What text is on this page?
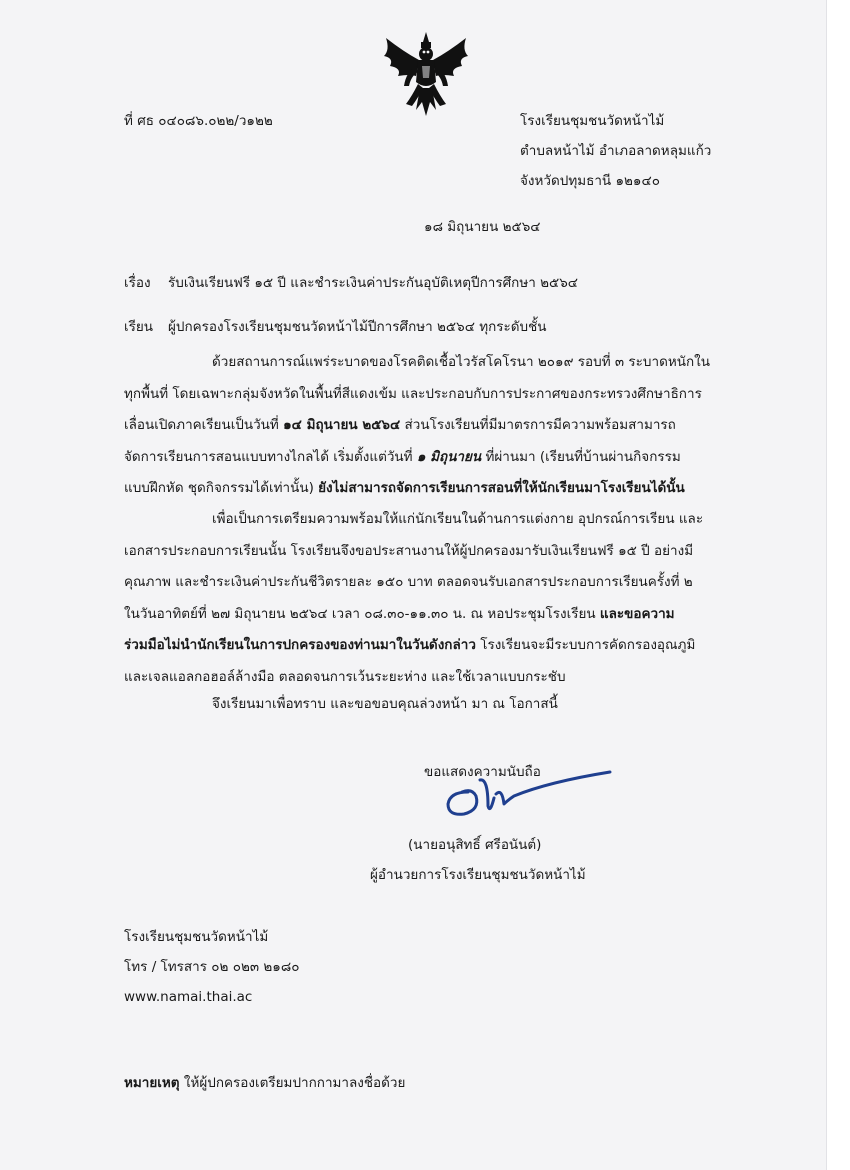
ที่ ศธ ๐๔๐๘๖.๐๒๒/ว๑๒๒	โรงเรียนชุมชนวัดหน้าไม้
ตำบลหน้าไม้ อำเภอลาดหลุมแก้ว
จังหวัดปทุมธานี ๑๒๑๔๐
๑๘ มิถุนายน ๒๕๖๔
เรื่อง รับเงินเรียนฟรี ๑๕ ปี และชำระเงินค่าประกันอุบัติเหตุปีการศึกษา ๒๕๖๔
เรียน ผู้ปกครองโรงเรียนชุมชนวัดหน้าไม้ปีการศึกษา ๒๕๖๔ ทุกระดับชั้น
ด้วยสถานการณ์แพร่ระบาดของโรคติดเชื้อไวรัสโคโรนา ๒๐๑๙ รอบที่ ๓ ระบาดหนักใน
ทุกพื้นที่ โดยเฉพาะกลุ่มจังหวัดในพื้นที่สีแดงเข้ม และประกอบกับการประกาศของกระทรวงศึกษาธิการ
เลื่อนเปิดภาคเรียนเป็นวันที่ ๑๔ มิถุนายน ๒๕๖๔ ส่วนโรงเรียนที่มีมาตรการมีความพร้อมสามารถ
จัดการเรียนการสอนแบบทางไกลได้ เริ่มตั้งแต่วันที่ ๑ มิถุนายน ที่ผ่านมา (เรียนที่บ้านผ่านกิจกรรม
แบบฝึกหัด ชุดกิจกรรมได้เท่านั้น) ยังไม่สามารถจัดการเรียนการสอนที่ให้นักเรียนมาโรงเรียนได้นั้น
เพื่อเป็นการเตรียมความพร้อมให้แก่นักเรียนในด้านการแต่งกาย อุปกรณ์การเรียน และ
เอกสารประกอบการเรียนนั้น โรงเรียนจึงขอประสานงานให้ผู้ปกครองมารับเงินเรียนฟรี ๑๕ ปี อย่างมี
คุณภาพ และชำระเงินค่าประกันชีวิตรายละ ๑๕๐ บาท ตลอดจนรับเอกสารประกอบการเรียนครั้งที่ ๒
ในวันอาทิตย์ที่ ๒๗ มิถุนายน ๒๕๖๔ เวลา ๐๘.๓๐-๑๑.๓๐ น. ณ หอประชุมโรงเรียน และขอความ
ร่วมมือไม่นำนักเรียนในการปกครองของท่านมาในวันดังกล่าว โรงเรียนจะมีระบบการคัดกรองอุณภูมิ
และเจลแอลกอฮอล์ล้างมือ ตลอดจนการเว้นระยะห่าง และใช้เวลาแบบกระชับ
จึงเรียนมาเพื่อทราบ และขอขอบคุณล่วงหน้า มา ณ โอกาสนี้
ขอแสดงความนับถือ
(นายอนุสิทธิ์ ศรีอนันต์)
ผู้อำนวยการโรงเรียนชุมชนวัดหน้าไม้
โรงเรียนชุมชนวัดหน้าไม้
โทร / โทรสาร ๐๒ ๐๒๓ ๒๑๘๐
www.namai.thai.ac
หมายเหตุ ให้ผู้ปกครองเตรียมปากกามาลงชื่อด้วย
